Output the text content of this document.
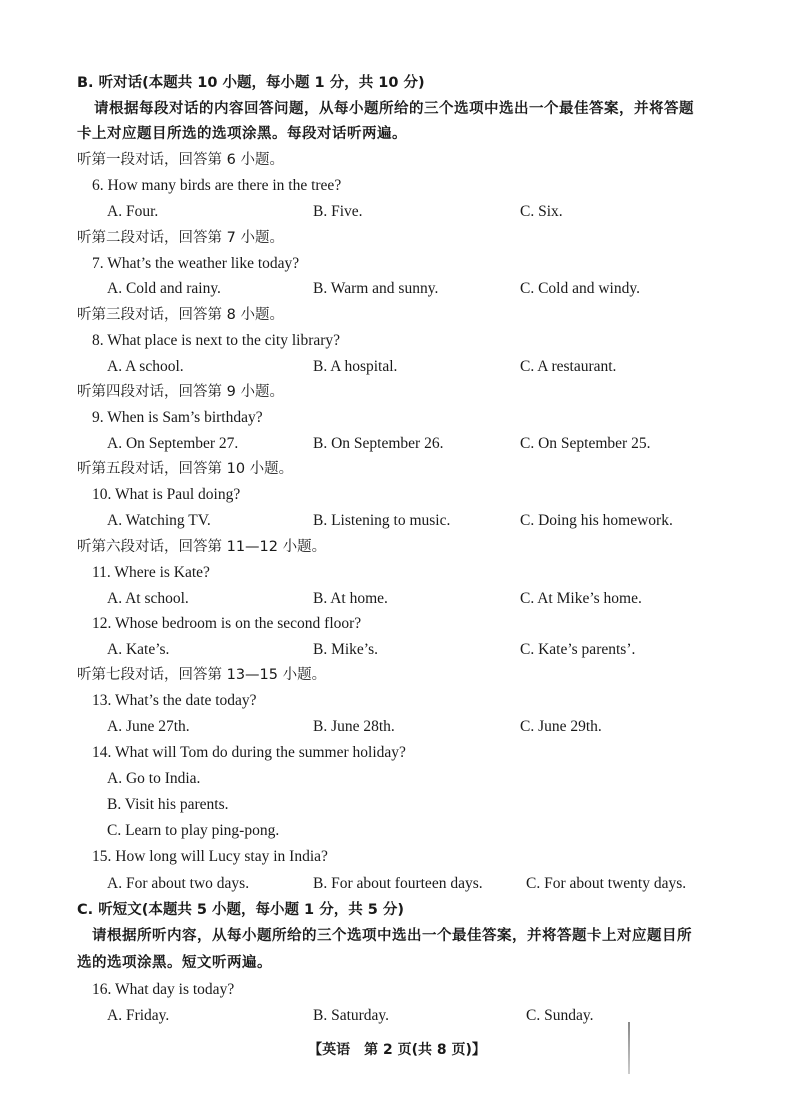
B. 听对话(本题共 10 小题，每小题 1 分，共 10 分)
请根据每段对话的内容回答问题，从每小题所给的三个选项中选出一个最佳答案，并将答题
卡上对应题目所选的选项涂黑。每段对话听两遍。
听第一段对话，回答第 6 小题。
6. How many birds are there in the tree?
A. Four.	B. Five.	C. Six.
听第二段对话，回答第 7 小题。
7. What’s the weather like today?
A. Cold and rainy.	B. Warm and sunny.	C. Cold and windy.
听第三段对话，回答第 8 小题。
8. What place is next to the city library?
A. A school.	B. A hospital.	C. A restaurant.
听第四段对话，回答第 9 小题。
9. When is Sam’s birthday?
A. On September 27.	B. On September 26.	C. On September 25.
听第五段对话，回答第 10 小题。
10. What is Paul doing?
A. Watching TV.	B. Listening to music.	C. Doing his homework.
听第六段对话，回答第 11—12 小题。
11. Where is Kate?
A. At school.	B. At home.	C. At Mike’s home.
12. Whose bedroom is on the second floor?
A. Kate’s.	B. Mike’s.	C. Kate’s parents’.
听第七段对话，回答第 13—15 小题。
13. What’s the date today?
A. June 27th.	B. June 28th.	C. June 29th.
14. What will Tom do during the summer holiday?
A. Go to India.
B. Visit his parents.
C. Learn to play ping-pong.
15. How long will Lucy stay in India?
A. For about two days.	B. For about fourteen days.	C. For about twenty days.
C. 听短文(本题共 5 小题，每小题 1 分，共 5 分)
请根据所听内容，从每小题所给的三个选项中选出一个最佳答案，并将答题卡上对应题目所
选的选项涂黑。短文听两遍。
16. What day is today?
A. Friday.	B. Saturday.	C. Sunday.
【英语　第 2 页(共 8 页)】
